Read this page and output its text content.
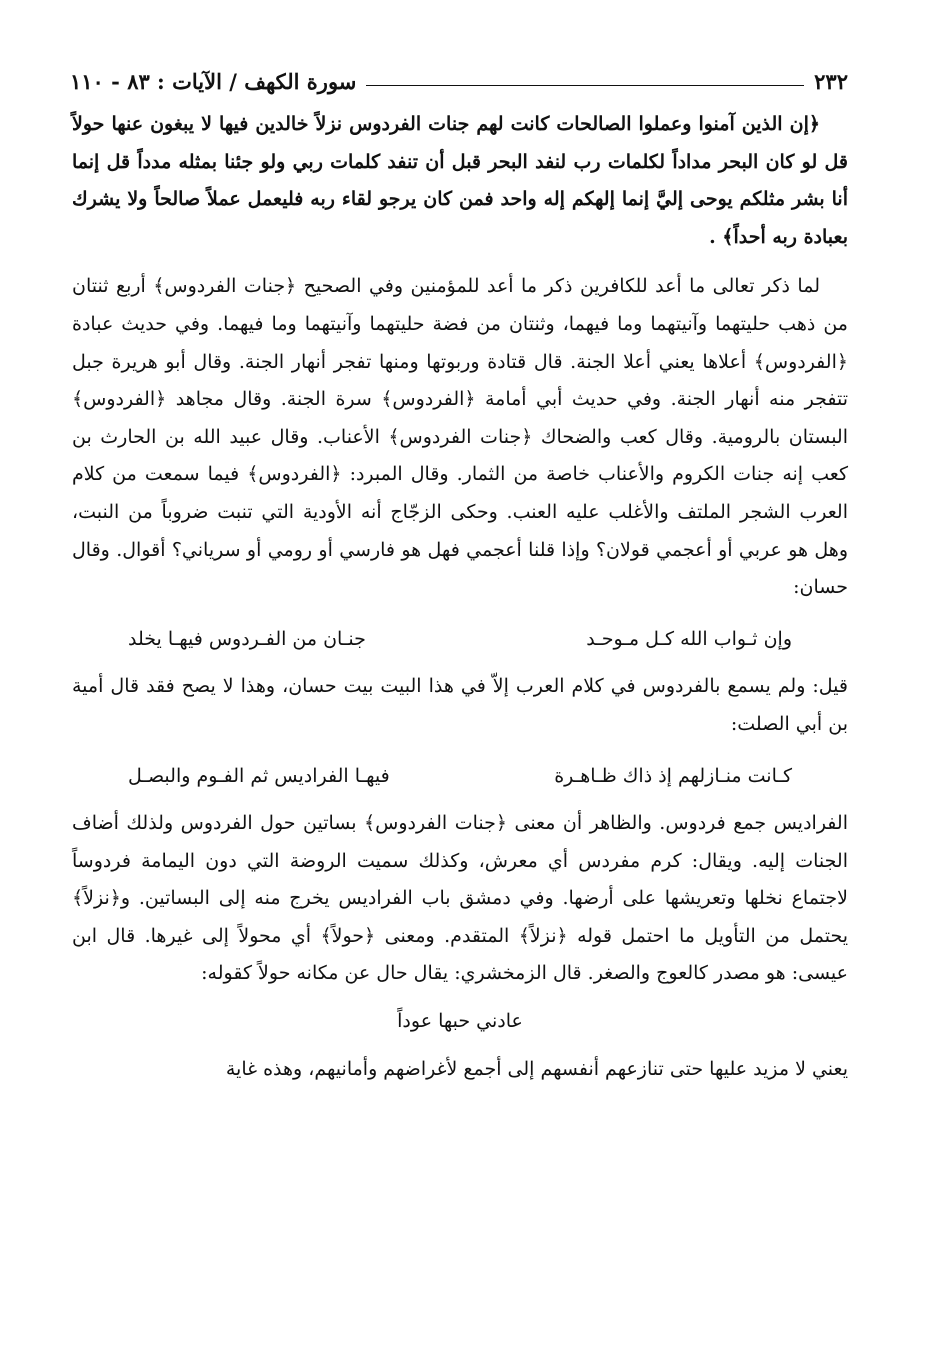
٢٣٢
سورة الكهف / الآيات : ٨٣ - ١١٠

﴿إن الذين آمنوا وعملوا الصالحات كانت لهم جنات الفردوس نزلاً خالدين فيها لا يبغون عنها حولاً قل لو كان البحر مداداً لكلمات رب لنفد البحر قبل أن تنفد كلمات ربي ولو جئنا بمثله مدداً قل إنما أنا بشر مثلكم يوحى إليَّ إنما إلهكم إله واحد فمن كان يرجو لقاء ربه فليعمل عملاً صالحاً ولا يشرك بعبادة ربه أحداً﴾ .

لما ذكر تعالى ما أعد للكافرين ذكر ما أعد للمؤمنين وفي الصحيح ﴿جنات الفردوس﴾ أربع ثنتان من ذهب حليتهما وآنيتهما وما فيهما، وثنتان من فضة حليتهما وآنيتهما وما فيهما. وفي حديث عبادة ﴿الفردوس﴾ أعلاها يعني أعلا الجنة. قال قتادة وربوتها ومنها تفجر أنهار الجنة. وقال أبو هريرة جبل تتفجر منه أنهار الجنة. وفي حديث أبي أمامة ﴿الفردوس﴾ سرة الجنة. وقال مجاهد ﴿الفردوس﴾ البستان بالرومية. وقال كعب والضحاك ﴿جنات الفردوس﴾ الأعناب. وقال عبيد الله بن الحارث بن كعب إنه جنات الكروم والأعناب خاصة من الثمار. وقال المبرد: ﴿الفردوس﴾ فيما سمعت من كلام العرب الشجر الملتف والأغلب عليه العنب. وحكى الزجّاج أنه الأودية التي تنبت ضروباً من النبت، وهل هو عربي أو أعجمي قولان؟ وإذا قلنا أعجمي فهل هو فارسي أو رومي أو سرياني؟ أقوال. وقال حسان:

وإن ثـواب الله كـل مـوحـد
جنـان من الفـردوس فيهـا يخلد

قيل: ولم يسمع بالفردوس في كلام العرب إلاّ في هذا البيت بيت حسان، وهذا لا يصح فقد قال أمية بن أبي الصلت:

كـانت منـازلهم إذ ذاك ظـاهـرة
فيهـا الفراديس ثم الفـوم والبصـل

الفراديس جمع فردوس. والظاهر أن معنى ﴿جنات الفردوس﴾ بساتين حول الفردوس ولذلك أضاف الجنات إليه. ويقال: كرم مفردس أي معرش، وكذلك سميت الروضة التي دون اليمامة فردوساً لاجتماع نخلها وتعريشها على أرضها. وفي دمشق باب الفراديس يخرج منه إلى البساتين. و﴿نزلاً﴾ يحتمل من التأويل ما احتمل قوله ﴿نزلاً﴾ المتقدم. ومعنى ﴿حولاً﴾ أي محولاً إلى غيرها. قال ابن عيسى: هو مصدر كالعوج والصغر. قال الزمخشري: يقال حال عن مكانه حولاً كقوله:

عادني حبها عوداً

يعني لا مزيد عليها حتى تنازعهم أنفسهم إلى أجمع لأغراضهم وأمانيهم، وهذه غاية
